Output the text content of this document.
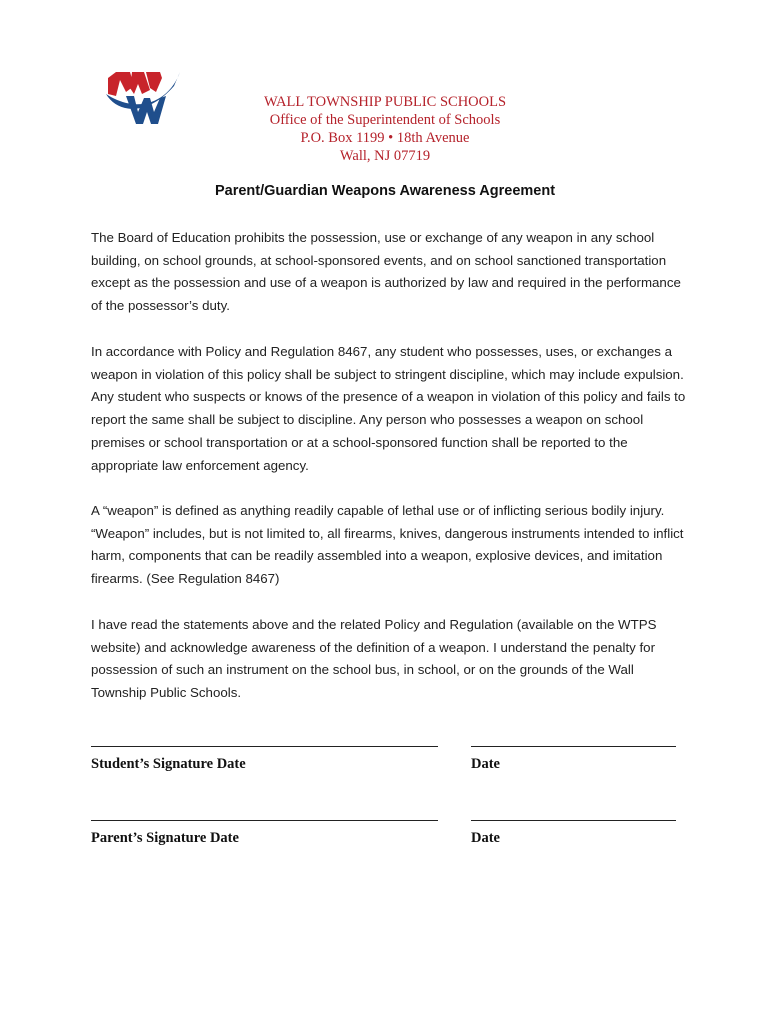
WALL TOWNSHIP PUBLIC SCHOOLS
Office of the Superintendent of Schools
P.O. Box 1199 • 18th Avenue
Wall, NJ 07719
Parent/Guardian Weapons Awareness Agreement

The Board of Education prohibits the possession, use or exchange of any weapon in any school building, on school grounds, at school-sponsored events, and on school sanctioned transportation except as the possession and use of a weapon is authorized by law and required in the performance of the possessor’s duty.

In accordance with Policy and Regulation 8467, any student who possesses, uses, or exchanges a weapon in violation of this policy shall be subject to stringent discipline, which may include expulsion. Any student who suspects or knows of the presence of a weapon in violation of this policy and fails to report the same shall be subject to discipline. Any person who possesses a weapon on school premises or school transportation or at a school-sponsored function shall be reported to the appropriate law enforcement agency.

A “weapon” is defined as anything readily capable of lethal use or of inflicting serious bodily injury. “Weapon” includes, but is not limited to, all firearms, knives, dangerous instruments intended to inflict harm, components that can be readily assembled into a weapon, explosive devices, and imitation firearms. (See Regulation 8467)

I have read the statements above and the related Policy and Regulation (available on the WTPS website) and acknowledge awareness of the definition of a weapon. I understand the penalty for possession of such an instrument on the school bus, in school, or on the grounds of the Wall Township Public Schools.

Student’s Signature Date	Date
Parent’s Signature Date	Date
